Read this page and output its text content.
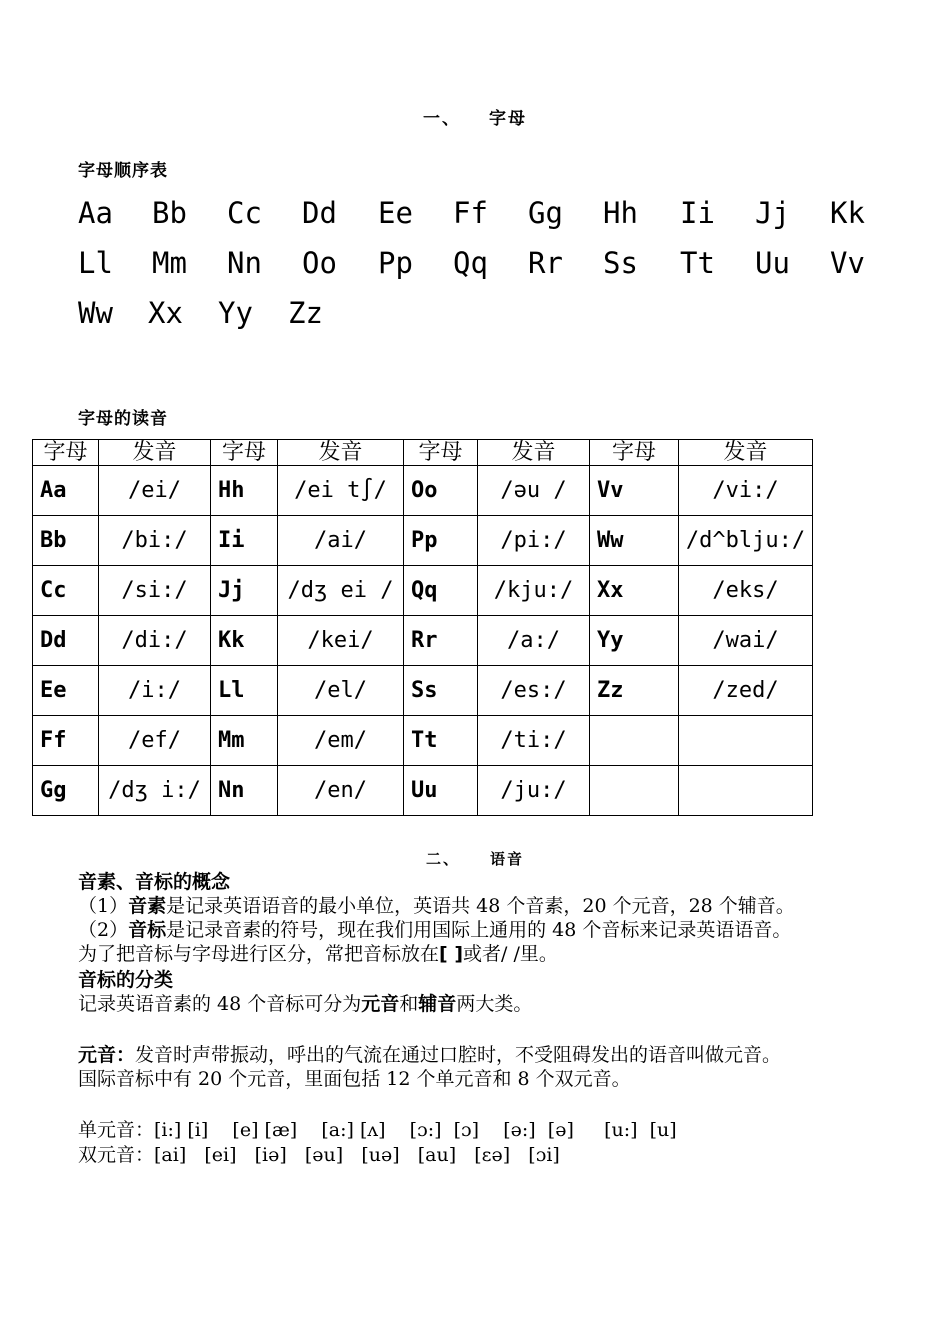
一、 字母
字母顺序表
Aa Bb Cc Dd Ee Ff Gg Hh Ii Jj Kk
Ll Mm Nn Oo Pp Qq Rr Ss Tt Uu Vv
Ww Xx Yy Zz
字母的读音
字母	发音	字母	发音	字母	发音	字母	发音
Aa	/ei/	Hh	/ei t∫/	Oo	/əu /	Vv	/vi:/
Bb	/bi:/	Ii	/ai/	Pp	/pi:/	Ww	/d^blju:/
Cc	/si:/	Jj	/dʒ ei /	Qq	/kju:/	Xx	/eks/
Dd	/di:/	Kk	/kei/	Rr	/a:/	Yy	/wai/
Ee	/i:/	Ll	/el/	Ss	/es:/	Zz	/zed/
Ff	/ef/	Mm	/em/	Tt	/ti:/		
Gg	/dʒ i:/	Nn	/en/	Uu	/ju:/		
二、 语音
音素、音标的概念
（1）音素是记录英语语音的最小单位，英语共 48 个音素，20 个元音，28 个辅音。
（2）音标是记录音素的符号，现在我们用国际上通用的 48 个音标来记录英语语音。
为了把音标与字母进行区分，常把音标放在[ ]或者/ /里。
音标的分类
记录英语音素的 48 个音标可分为元音和辅音两大类。
元音：发音时声带振动，呼出的气流在通过口腔时，不受阻碍发出的语音叫做元音。
国际音标中有 20 个元音，里面包括 12 个单元音和 8 个双元音。
单元音：[i:] [i]    [e] [æ]    [a:] [ʌ]    [ɔ:]  [ɔ]    [ə:]  [ə]     [u:]  [u]
双元音：[ai]   [ei]   [iə]   [əu]   [uə]   [au]   [εə]   [ɔi]
